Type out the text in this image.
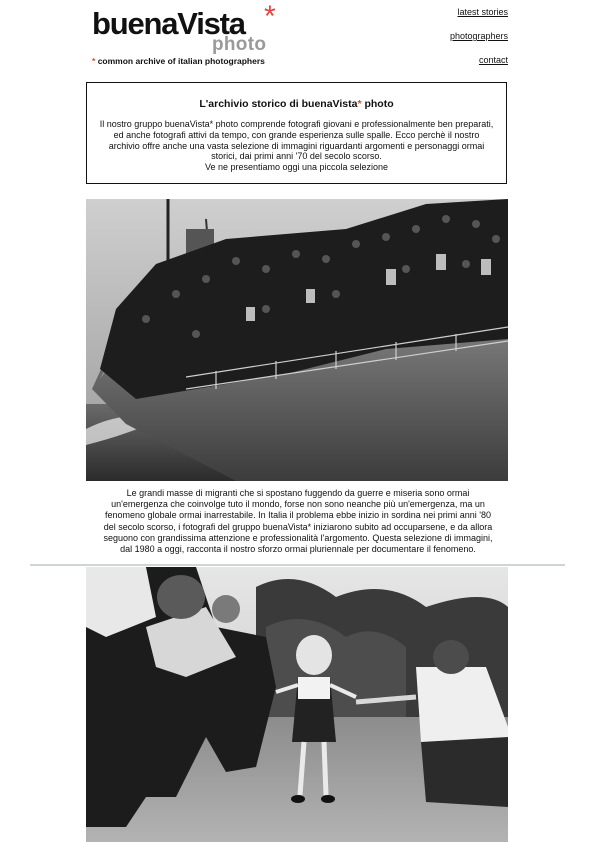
buenaVista *
photo
* common archive of italian photographers
latest stories
photographers
contact
L'archivio storico di buenaVista* photo
Il nostro gruppo buenaVista* photo comprende fotografi giovani e professionalmente ben preparati, ed anche fotografi attivi da tempo, con grande esperienza sulle spalle. Ecco perchè il nostro archivio offre anche una vasta selezione di immagini riguardanti argomenti e personaggi ormai storici, dai primi anni '70 del secolo scorso.
Ve ne presentiamo oggi una piccola selezione
Le grandi masse di migranti che si spostano fuggendo da guerre e miseria sono ormai un'emergenza che coinvolge tuto il mondo, forse non sono neanche più un'emergenza, ma un fenomeno globale ormai inarrestabile. In Italia il problema ebbe inizio in sordina nei primi anni '80 del secolo scorso, i fotografi del gruppo buenaVista* iniziarono subito ad occuparsene, e da allora seguono con grandissima attenzione e professionalità l'argomento. Questa selezione di immagini, dal 1980 a oggi, racconta il nostro sforzo ormai pluriennale per documentare il fenomeno.
